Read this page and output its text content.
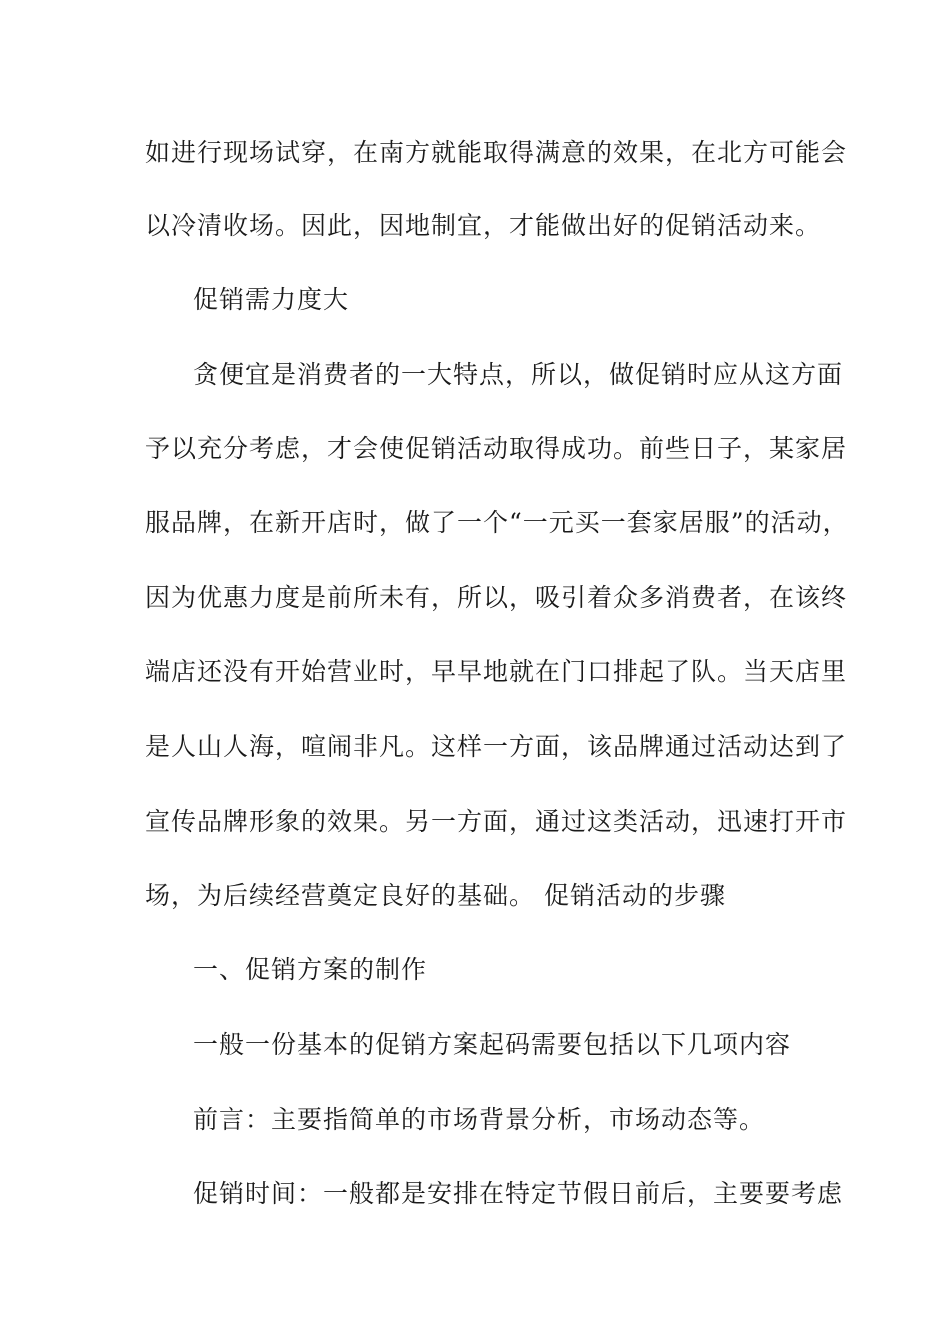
如进行现场试穿，在南方就能取得满意的效果，在北方可能会
以冷清收场。因此，因地制宜，才能做出好的促销活动来。
促销需力度大
贪便宜是消费者的一大特点，所以，做促销时应从这方面
予以充分考虑，才会使促销活动取得成功。前些日子，某家居
服品牌，在新开店时，做了一个“一元买一套家居服”的活动，
因为优惠力度是前所未有，所以，吸引着众多消费者，在该终
端店还没有开始营业时，早早地就在门口排起了队。当天店里
是人山人海，喧闹非凡。这样一方面，该品牌通过活动达到了
宣传品牌形象的效果。另一方面，通过这类活动，迅速打开市
场，为后续经营奠定良好的基础。 促销活动的步骤
一、促销方案的制作
一般一份基本的促销方案起码需要包括以下几项内容
前言：主要指简单的市场背景分析，市场动态等。
促销时间：一般都是安排在特定节假日前后，主要要考虑
